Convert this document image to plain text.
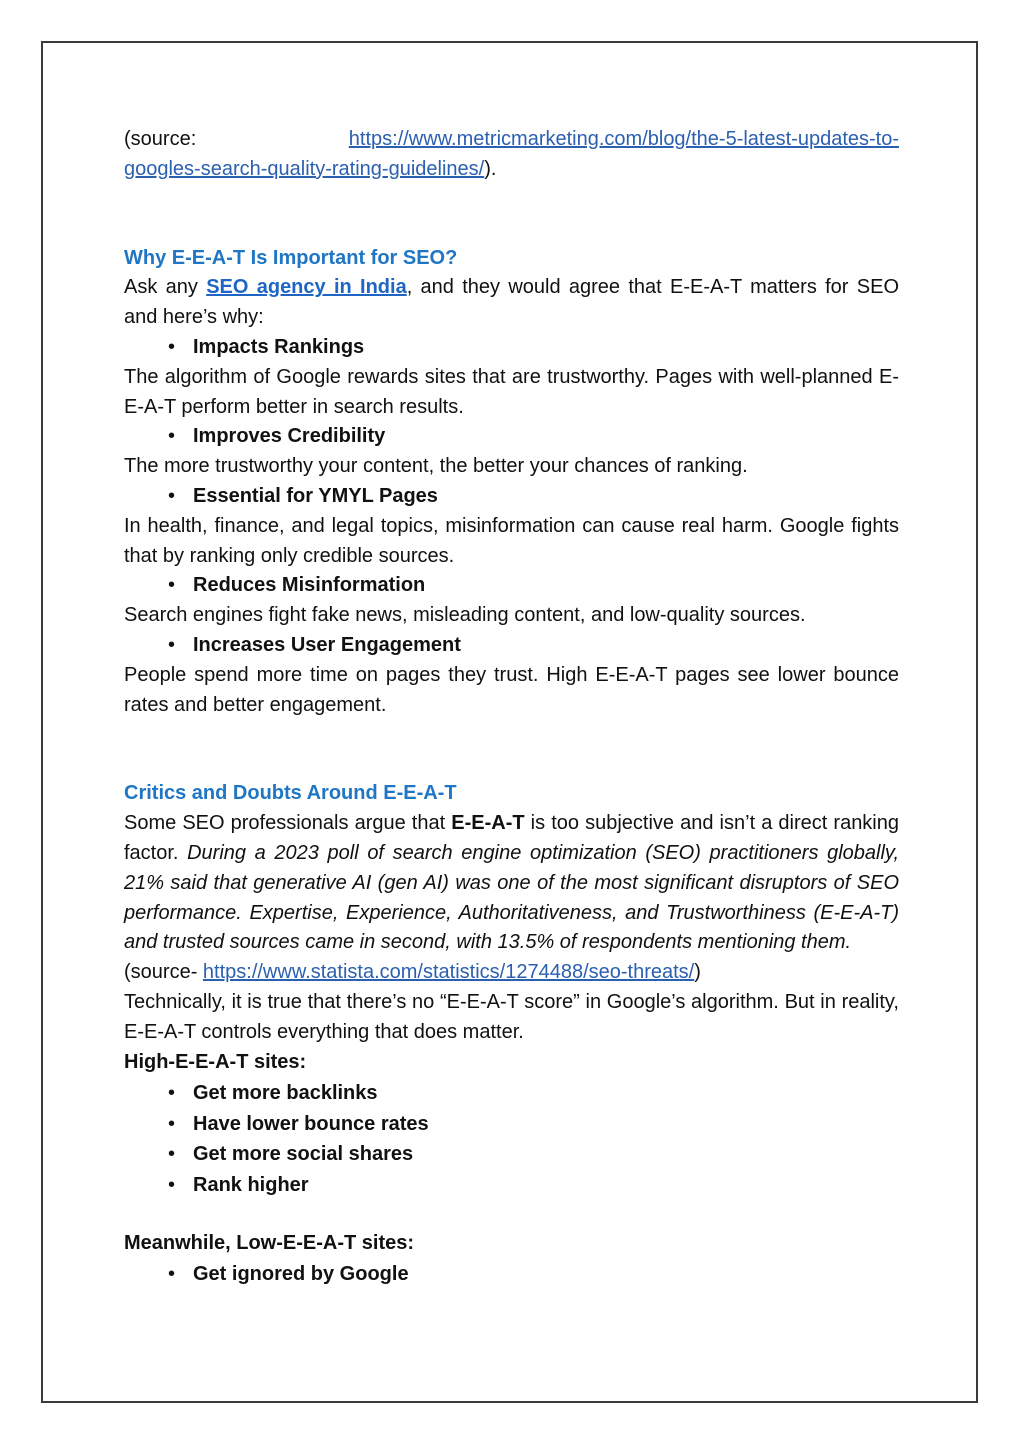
(source:	https://www.metricmarketing.com/blog/the-5-latest-updates-to-
googles-search-quality-rating-guidelines/).
Why E-E-A-T Is Important for SEO?

Ask any SEO agency in India, and they would agree that E-E-A-T matters for SEO and here’s why:

• Impacts Rankings

The algorithm of Google rewards sites that are trustworthy. Pages with well-planned E-E-A-T perform better in search results.

• Improves Credibility

The more trustworthy your content, the better your chances of ranking.

• Essential for YMYL Pages

In health, finance, and legal topics, misinformation can cause real harm. Google fights that by ranking only credible sources.

• Reduces Misinformation

Search engines fight fake news, misleading content, and low-quality sources.

• Increases User Engagement

People spend more time on pages they trust. High E-E-A-T pages see lower bounce rates and better engagement.

Critics and Doubts Around E-E-A-T

Some SEO professionals argue that E-E-A-T is too subjective and isn’t a direct ranking factor. During a 2023 poll of search engine optimization (SEO) practitioners globally, 21% said that generative AI (gen AI) was one of the most significant disruptors of SEO performance. Expertise, Experience, Authoritativeness, and Trustworthiness (E-E-A-T) and trusted sources came in second, with 13.5% of respondents mentioning them.

(source- https://www.statista.com/statistics/1274488/seo-threats/)

Technically, it is true that there’s no “E-E-A-T score” in Google’s algorithm. But in reality, E-E-A-T controls everything that does matter.

High-E-E-A-T sites:

• Get more backlinks
• Have lower bounce rates
• Get more social shares
• Rank higher

Meanwhile, Low-E-E-A-T sites:

• Get ignored by Google
